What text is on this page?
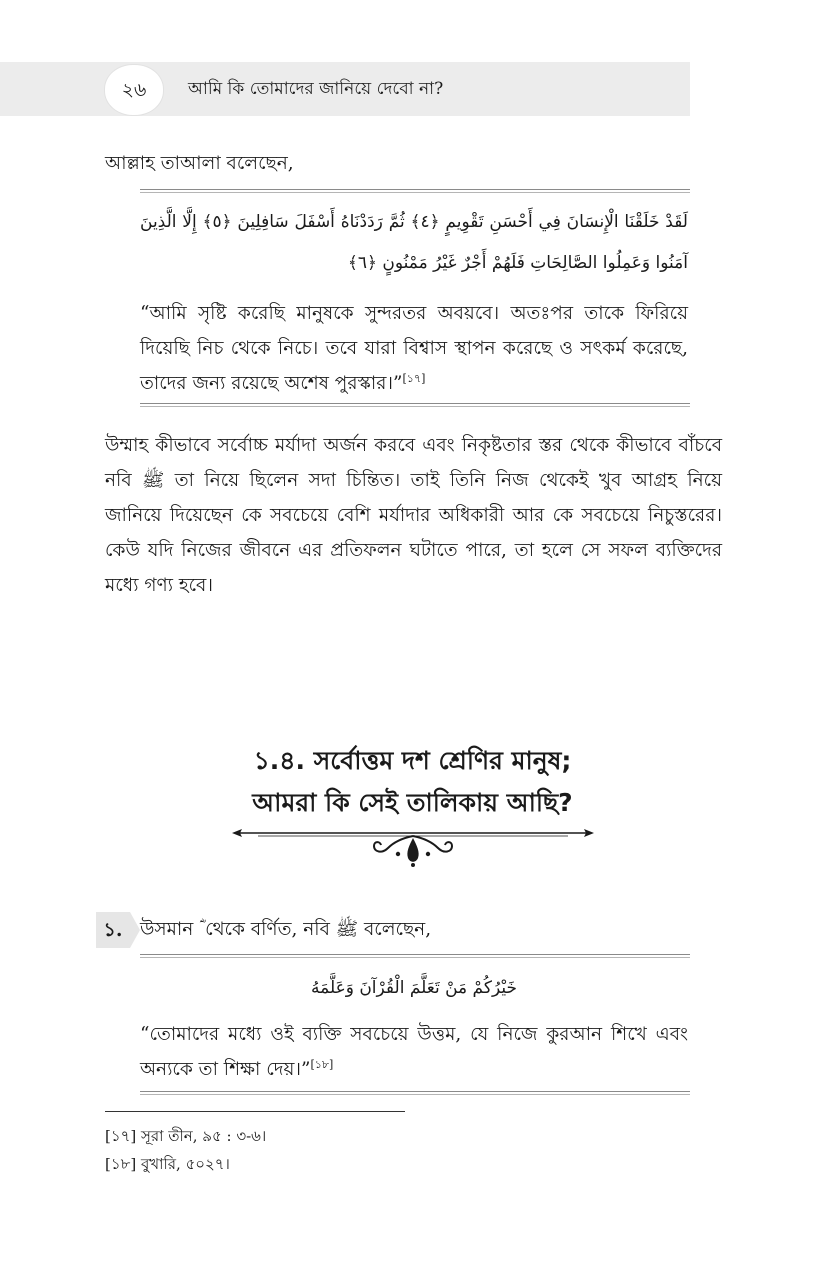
২৬	আমি কি তোমাদের জানিয়ে দেবো না?
আল্লাহ তাআলা বলেছেন,
لَقَدْ خَلَقْنَا الْإِنسَانَ فِي أَحْسَنِ تَقْوِيمٍ ﴿٤﴾ ثُمَّ رَدَدْنَاهُ أَسْفَلَ سَافِلِينَ ﴿٥﴾ إِلَّا الَّذِينَ آمَنُوا وَعَمِلُوا الصَّالِحَاتِ فَلَهُمْ أَجْرٌ غَيْرُ مَمْنُونٍ ﴿٦﴾
“আমি সৃষ্টি করেছি মানুষকে সুন্দরতর অবয়বে। অতঃপর তাকে ফিরিয়ে দিয়েছি নিচ থেকে নিচে। তবে যারা বিশ্বাস স্থাপন করেছে ও সৎকর্ম করেছে, তাদের জন্য রয়েছে অশেষ পুরস্কার।”[১৭]
উম্মাহ কীভাবে সর্বোচ্চ মর্যাদা অর্জন করবে এবং নিকৃষ্টতার স্তর থেকে কীভাবে বাঁচবে নবি ﷺ তা নিয়ে ছিলেন সদা চিন্তিত। তাই তিনি নিজ থেকেই খুব আগ্রহ নিয়ে জানিয়ে দিয়েছেন কে সবচেয়ে বেশি মর্যাদার অধিকারী আর কে সবচেয়ে নিচুস্তরের। কেউ যদি নিজের জীবনে এর প্রতিফলন ঘটাতে পারে, তা হলে সে সফল ব্যক্তিদের মধ্যে গণ্য হবে।
১.৪. সর্বোত্তম দশ শ্রেণির মানুষ;
আমরা কি সেই তালিকায় আছি?
১. উসমান ؓ থেকে বর্ণিত, নবি ﷺ বলেছেন,
خَيْرُكُمْ مَنْ تَعَلَّمَ الْقُرْآنَ وَعَلَّمَهُ
“তোমাদের মধ্যে ওই ব্যক্তি সবচেয়ে উত্তম, যে নিজে কুরআন শিখে এবং অন্যকে তা শিক্ষা দেয়।”[১৮]
[১৭] সূরা তীন, ৯৫ : ৩-৬।
[১৮] বুখারি, ৫০২৭।
